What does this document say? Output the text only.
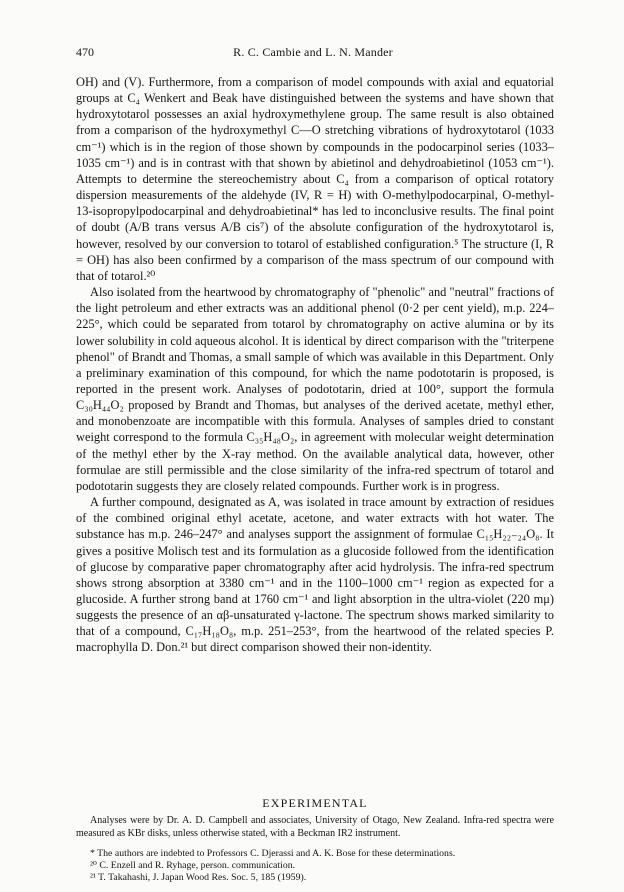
470	R. C. Cambie and L. N. Mander

OH) and (V). Furthermore, from a comparison of model compounds with axial and equatorial groups at C₄ Wenkert and Beak have distinguished between the systems and have shown that hydroxytotarol possesses an axial hydroxymethylene group. The same result is also obtained from a comparison of the hydroxymethyl C—O stretching vibrations of hydroxytotarol (1033 cm⁻¹) which is in the region of those shown by compounds in the podocarpinol series (1033–1035 cm⁻¹) and is in contrast with that shown by abietinol and dehydroabietinol (1053 cm⁻¹). Attempts to determine the stereochemistry about C₄ from a comparison of optical rotatory dispersion measurements of the aldehyde (IV, R = H) with O-methylpodocarpinal, O-methyl-13-isopropylpodocarpinal and dehydroabietinal* has led to inconclusive results. The final point of doubt (A/B trans versus A/B cis⁷) of the absolute configuration of the hydroxytotarol is, however, resolved by our conversion to totarol of established configuration.⁵ The structure (I, R = OH) has also been confirmed by a comparison of the mass spectrum of our compound with that of totarol.²⁰

Also isolated from the heartwood by chromatography of "phenolic" and "neutral" fractions of the light petroleum and ether extracts was an additional phenol (0·2 per cent yield), m.p. 224–225°, which could be separated from totarol by chromatography on active alumina or by its lower solubility in cold aqueous alcohol. It is identical by direct comparison with the "triterpene phenol" of Brandt and Thomas, a small sample of which was available in this Department. Only a preliminary examination of this compound, for which the name podototarin is proposed, is reported in the present work. Analyses of podototarin, dried at 100°, support the formula C₃₀H₄₄O₂ proposed by Brandt and Thomas, but analyses of the derived acetate, methyl ether, and monobenzoate are incompatible with this formula. Analyses of samples dried to constant weight correspond to the formula C₃₅H₄₈O₂, in agreement with molecular weight determination of the methyl ether by the X-ray method. On the available analytical data, however, other formulae are still permissible and the close similarity of the infra-red spectrum of totarol and podototarin suggests they are closely related compounds. Further work is in progress.

A further compound, designated as A, was isolated in trace amount by extraction of residues of the combined original ethyl acetate, acetone, and water extracts with hot water. The substance has m.p. 246–247° and analyses support the assignment of formulae C₁₅H₂₂₋₂₄O₈. It gives a positive Molisch test and its formulation as a glucoside followed from the identification of glucose by comparative paper chromatography after acid hydrolysis. The infra-red spectrum shows strong absorption at 3380 cm⁻¹ and in the 1100–1000 cm⁻¹ region as expected for a glucoside. A further strong band at 1760 cm⁻¹ and light absorption in the ultra-violet (220 mμ) suggests the presence of an αβ-unsaturated γ-lactone. The spectrum shows marked similarity to that of a compound, C₁₇H₁₈O₈, m.p. 251–253°, from the heartwood of the related species P. macrophylla D. Don.²¹ but direct comparison showed their non-identity.

EXPERIMENTAL
Analyses were by Dr. A. D. Campbell and associates, University of Otago, New Zealand. Infra-red spectra were measured as KBr disks, unless otherwise stated, with a Beckman IR2 instrument.

* The authors are indebted to Professors C. Djerassi and A. K. Bose for these determinations.

²⁰ C. Enzell and R. Ryhage, person. communication.

²¹ T. Takahashi, J. Japan Wood Res. Soc. 5, 185 (1959).
